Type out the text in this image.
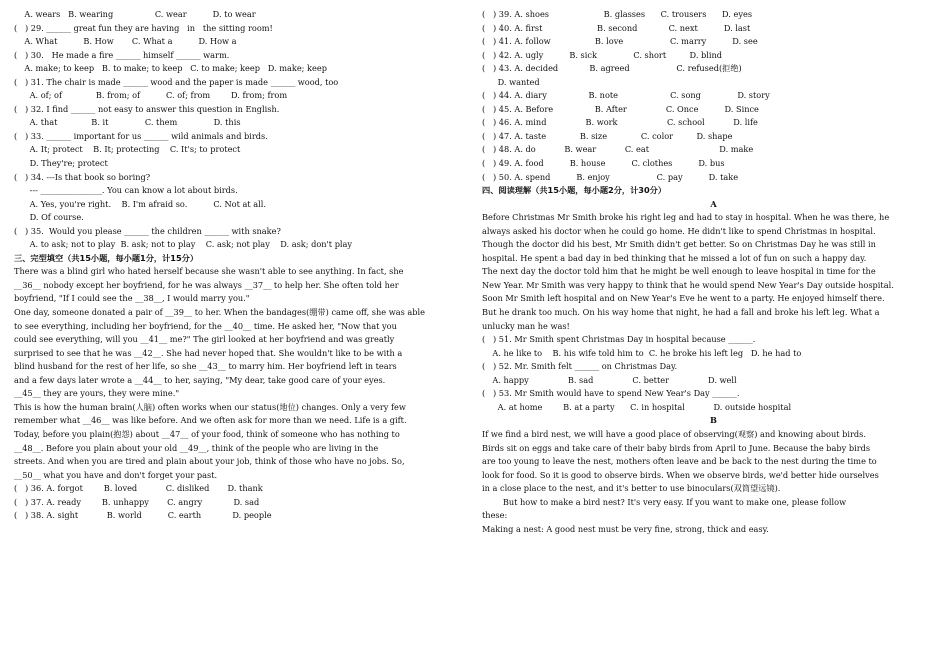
A. wears   B. wearing                C. wear          D. to wear
(   ) 29. ______ great fun they are having   in   the sitting room!
A. What          B. How       C. What a          D. How a
(   ) 30.   He made a fire ______ himself ______ warm.
A. make; to keep   B. to make; to keep   C. to make; keep   D. make; keep
(   ) 31. The chair is made ______ wood and the paper is made ______ wood, too
A. of; of             B. from; of          C. of; from        D. from; from
(   ) 32. I find ______ not easy to answer this question in English.
A. that             B. it              C. them              D. this
(   ) 33. ______ important for us ______ wild animals and birds.
A. It; protect    B. It; protecting    C. It's; to protect
D. They're; protect
(   ) 34. ---Is that book so boring?
--- _______________. You can know a lot about birds.
A. Yes, you're right.    B. I'm afraid so.          C. Not at all.
D. Of course.
(   ) 35.  Would you please ______ the children ______ with snake?
A. to ask; not to play  B. ask; not to play    C. ask; not play    D. ask; don't play
三、完型填空（共15小题，每小题1分，计15分）
There was a blind girl who hated herself because she wasn't able to see anything. In fact, she
__36__ nobody except her boyfriend, for he was always __37__ to help her. She often told her
boyfriend, "If I could see the __38__, I would marry you."
One day, someone donated a pair of __39__ to her. When the bandages(绷带) came off, she was able
to see everything, including her boyfriend, for the __40__ time. He asked her, "Now that you
could see everything, will you __41__ me?" The girl looked at her boyfriend and was greatly
surprised to see that he was __42__. She had never hoped that. She wouldn't like to be with a
blind husband for the rest of her life, so she __43__ to marry him. Her boyfriend left in tears
and a few days later wrote a __44__ to her, saying, "My dear, take good care of your eyes.
__45__ they are yours, they were mine."
This is how the human brain(人脑) often works when our status(地位) changes. Only a very few
remember what __46__ was like before. And we often ask for more than we need. Life is a gift.
Today, before you plain(抱怨) about __47__ of your food, think of someone who has nothing to
__48__. Before you plain about your old __49__, think of the people who are living in the
streets. And when you are tired and plain about your job, think of those who have no jobs. So,
__50__ what you have and don't forget your past.
(   ) 36. A. forgot        B. loved           C. disliked       D. thank
(   ) 37. A. ready        B. unhappy       C. angry            D. sad
(   ) 38. A. sight           B. world          C. earth            D. people
(   ) 39. A. shoes                     B. glasses      C. trousers      D. eyes
(   ) 40. A. first                     B. second            C. next          D. last
(   ) 41. A. follow                 B. love                  C. marry          D. see
(   ) 42. A. ugly          B. sick              C. short         D. blind
(   ) 43. A. decided            B. agreed                  C. refused(拒绝)
D. wanted
(   ) 44. A. diary                B. note                    C. song              D. story
(   ) 45. A. Before                B. After               C. Once          D. Since
(   ) 46. A. mind               B. work                   C. school           D. life
(   ) 47. A. taste             B. size             C. color         D. shape
(   ) 48. A. do           B. wear           C. eat                           D. make
(   ) 49. A. food          B. house          C. clothes          D. bus
(   ) 50. A. spend          B. enjoy                  C. pay          D. take
四、阅读理解（共15小题，每小题2分，计30分）
A
Before Christmas Mr Smith broke his right leg and had to stay in hospital. When he was there, he
always asked his doctor when he could go home. He didn't like to spend Christmas in hospital.
Though the doctor did his best, Mr Smith didn't get better. So on Christmas Day he was still in
hospital. He spent a bad day in bed thinking that he missed a lot of fun on such a happy day.
The next day the doctor told him that he might be well enough to leave hospital in time for the
New Year. Mr Smith was very happy to think that he would spend New Year's Day outside hospital.
Soon Mr Smith left hospital and on New Year's Eve he went to a party. He enjoyed himself there.
But he drank too much. On his way home that night, he had a fall and broke his left leg. What a
unlucky man he was!
(   ) 51. Mr Smith spent Christmas Day in hospital because ______.
A. he like to    B. his wife told him to  C. he broke his left leg   D. he had to
(   ) 52. Mr. Smith felt ______ on Christmas Day.
A. happy               B. sad               C. better               D. well
(   ) 53. Mr Smith would have to spend New Year's Day ______.
A. at home        B. at a party      C. in hospital           D. outside hospital
B
If we find a bird nest, we will have a good place of observing(观察) and knowing about birds.
Birds sit on eggs and take care of their baby birds from April to June. Because the baby birds
are too young to leave the nest, mothers often leave and be back to the nest during the time to
look for food. So it is good to observe birds. When we observe birds, we'd better hide ourselves
in a close place to the nest, and it's better to use binoculars(双筒望远镜).
But how to make a bird nest? It's very easy. If you want to make one, please follow
these:
Making a nest: A good nest must be very fine, strong, thick and easy.
